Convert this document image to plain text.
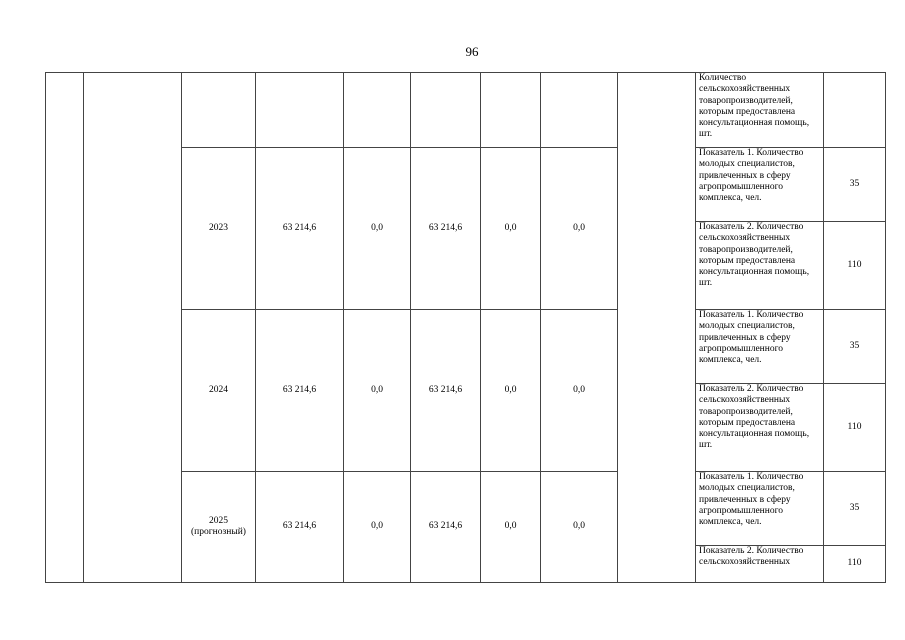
96
									Количество сельскохозяйственных товаропроизводителей, которым предоставлена консультационная помощь, шт.	
		2023	63 214,6	0,0	63 214,6	0,0	0,0		Показатель 1. Количество молодых специалистов, привлеченных в сферу агропромышленного комплекса, чел.	35
									Показатель 2. Количество сельскохозяйственных товаропроизводителей, которым предоставлена консультационная помощь, шт.	110
		2024	63 214,6	0,0	63 214,6	0,0	0,0		Показатель 1. Количество молодых специалистов, привлеченных в сферу агропромышленного комплекса, чел.	35
									Показатель 2. Количество сельскохозяйственных товаропроизводителей, которым предоставлена консультационная помощь, шт.	110
		2025
(прогнозный)	63 214,6	0,0	63 214,6	0,0	0,0		Показатель 1. Количество молодых специалистов, привлеченных в сферу агропромышленного комплекса, чел.	35

									Показатель 2. Количество сельскохозяйственных	110
